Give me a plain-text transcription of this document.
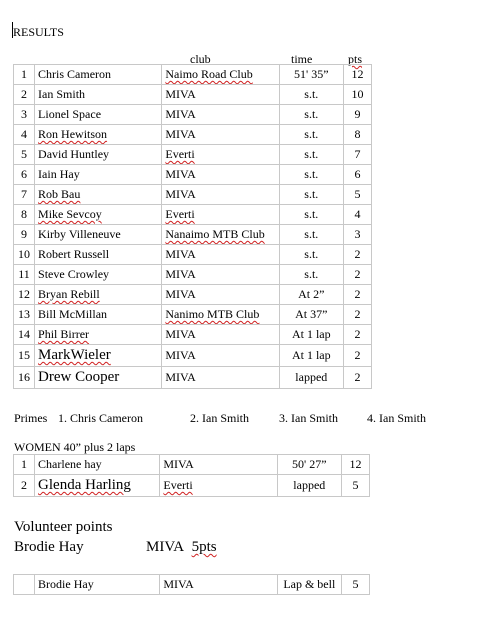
RESULTS
club	time	pts
1	Chris Cameron	Naimo Road Club	51' 35”	12
2	Ian Smith	MIVA	s.t.	10
3	Lionel Space	MIVA	s.t.	9
4	Ron Hewitson	MIVA	s.t.	8
5	David Huntley	Everti	s.t.	7
6	Iain Hay	MIVA	s.t.	6
7	Rob Bau	MIVA	s.t.	5
8	Mike Sevcoy	Everti	s.t.	4
9	Kirby Villeneuve	Nanaimo MTB Club	s.t.	3
10	Robert Russell	MIVA	s.t.	2
11	Steve Crowley	MIVA	s.t.	2
12	Bryan Rebill	MIVA	At 2”	2
13	Bill McMillan	Nanimo MTB Club	At 37”	2
14	Phil Birrer	MIVA	At 1 lap	2
15	MarkWieler	MIVA	At 1 lap	2
16	Drew Cooper	MIVA	lapped	2
Primes 1. Chris Cameron	2. Ian Smith	3. Ian Smith 4. Ian Smith
WOMEN 40” plus 2 laps
1	Charlene hay	MIVA	50' 27”	12
2	Glenda Harling	Everti	lapped	5
Volunteer points
Brodie Hay	MIVA 5pts
	Brodie Hay	MIVA	Lap & bell	5
